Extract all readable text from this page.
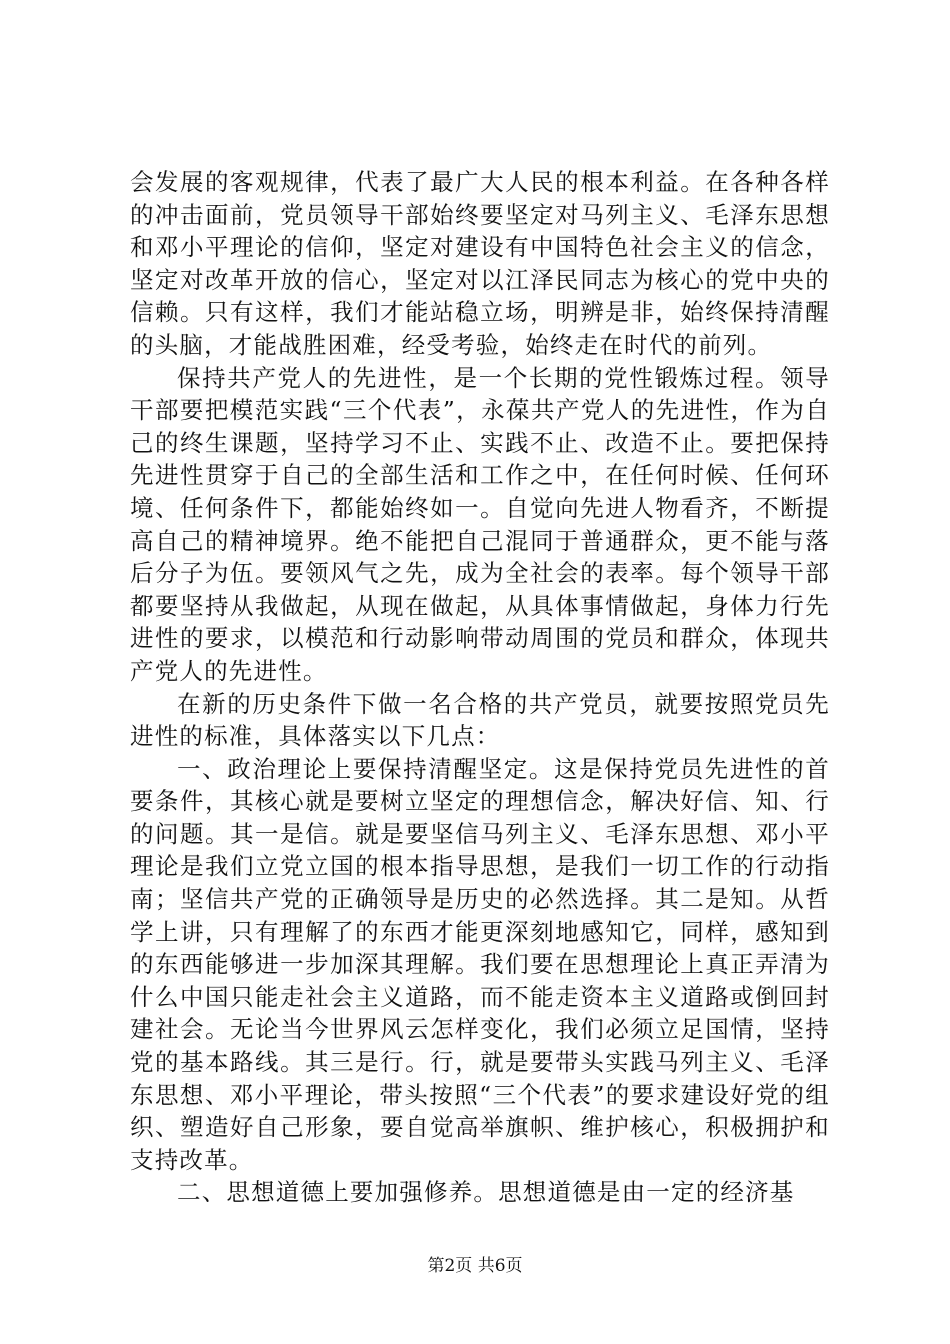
会发展的客观规律，代表了最广大人民的根本利益。在各种各样的冲击面前，党员领导干部始终要坚定对马列主义、毛泽东思想和邓小平理论的信仰，坚定对建设有中国特色社会主义的信念，坚定对改革开放的信心，坚定对以江泽民同志为核心的党中央的信赖。只有这样，我们才能站稳立场，明辨是非，始终保持清醒的头脑，才能战胜困难，经受考验，始终走在时代的前列。

保持共产党人的先进性，是一个长期的党性锻炼过程。领导干部要把模范实践“三个代表”，永葆共产党人的先进性，作为自己的终生课题，坚持学习不止、实践不止、改造不止。要把保持先进性贯穿于自己的全部生活和工作之中，在任何时候、任何环境、任何条件下，都能始终如一。自觉向先进人物看齐，不断提高自己的精神境界。绝不能把自己混同于普通群众，更不能与落后分子为伍。要领风气之先，成为全社会的表率。每个领导干部都要坚持从我做起，从现在做起，从具体事情做起，身体力行先进性的要求，以模范和行动影响带动周围的党员和群众，体现共产党人的先进性。

在新的历史条件下做一名合格的共产党员，就要按照党员先进性的标准，具体落实以下几点：

一、政治理论上要保持清醒坚定。这是保持党员先进性的首要条件，其核心就是要树立坚定的理想信念，解决好信、知、行的问题。其一是信。就是要坚信马列主义、毛泽东思想、邓小平理论是我们立党立国的根本指导思想，是我们一切工作的行动指南；坚信共产党的正确领导是历史的必然选择。其二是知。从哲学上讲，只有理解了的东西才能更深刻地感知它，同样，感知到的东西能够进一步加深其理解。我们要在思想理论上真正弄清为什么中国只能走社会主义道路，而不能走资本主义道路或倒回封建社会。无论当今世界风云怎样变化，我们必须立足国情，坚持党的基本路线。其三是行。行，就是要带头实践马列主义、毛泽东思想、邓小平理论，带头按照“三个代表”的要求建设好党的组织、塑造好自己形象，要自觉高举旗帜、维护核心，积极拥护和支持改革。

二、思想道德上要加强修养。思想道德是由一定的经济基

第2页 共6页
